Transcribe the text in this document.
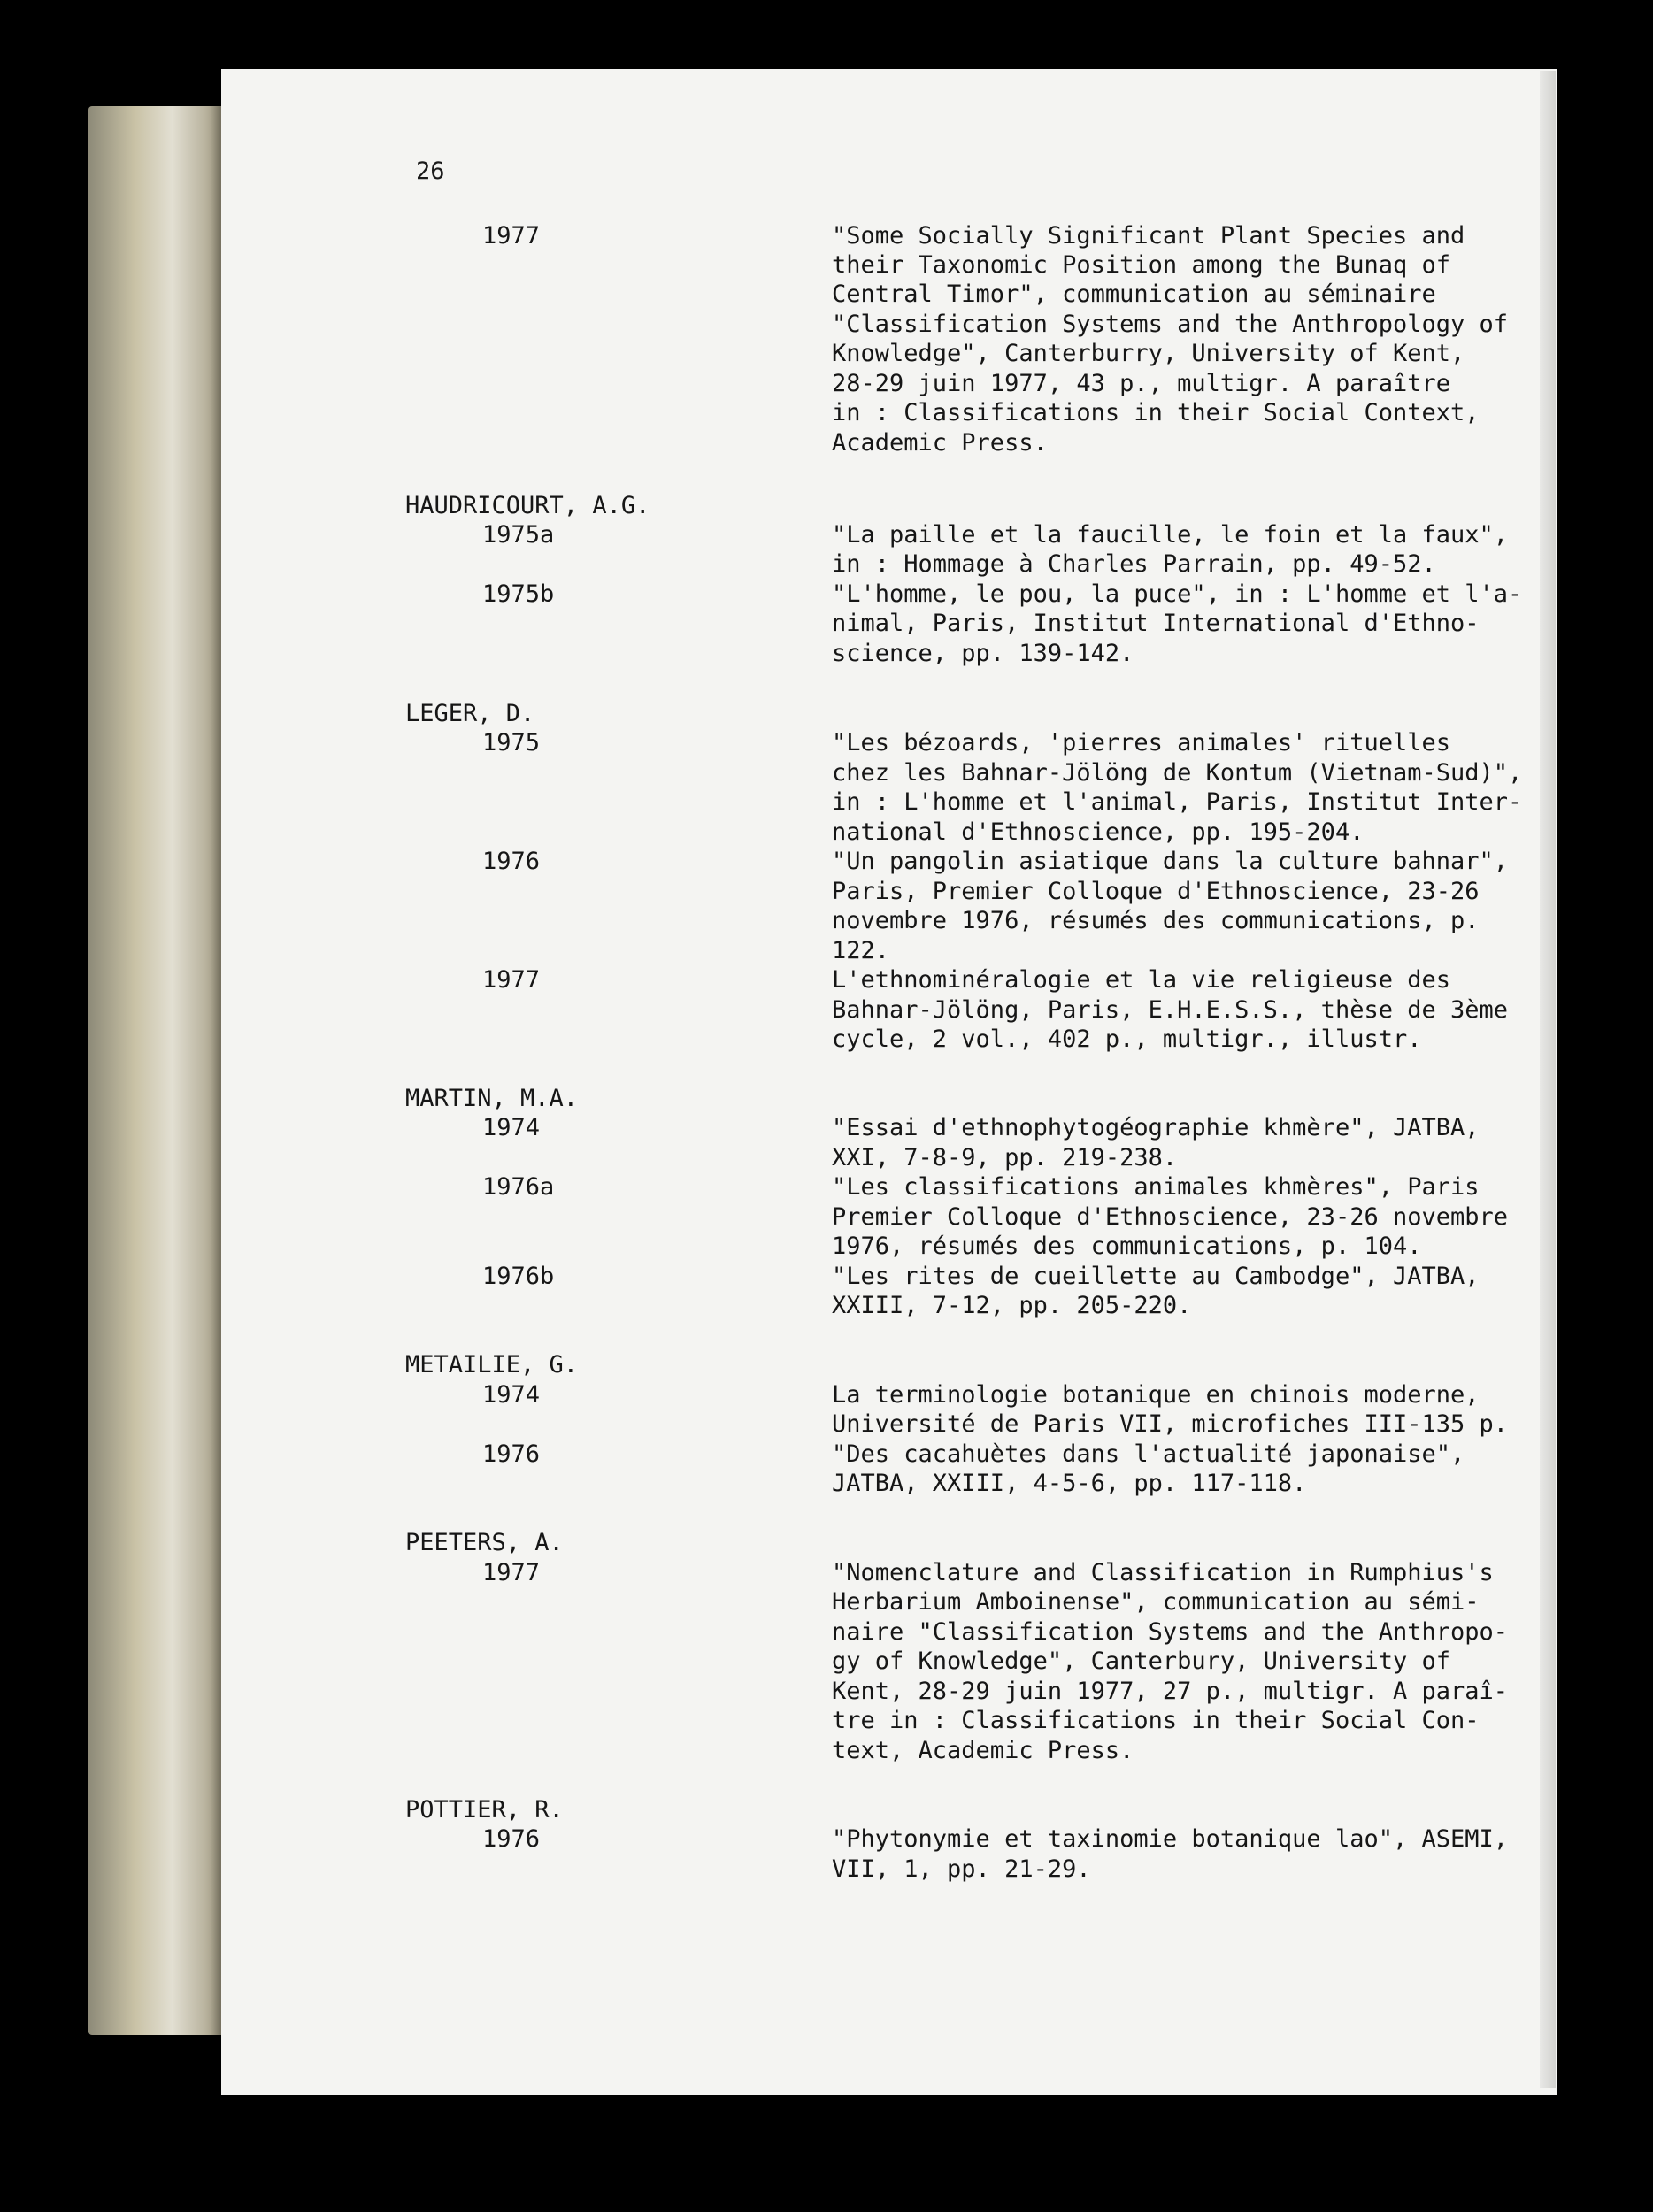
26
1977	"Some Socially Significant Plant Species and
their Taxonomic Position among the Bunaq of
Central Timor", communication au séminaire
"Classification Systems and the Anthropology of
Knowledge", Canterburry, University of Kent,
28-29 juin 1977, 43 p., multigr. A paraître
in : Classifications in their Social Context,
Academic Press.
HAUDRICOURT, A.G.
1975a	"La paille et la faucille, le foin et la faux",
in : Hommage à Charles Parrain, pp. 49-52.
1975b	"L'homme, le pou, la puce", in : L'homme et l'a-
nimal, Paris, Institut International d'Ethno-
science, pp. 139-142.
LEGER, D.
1975	"Les bézoards, 'pierres animales' rituelles
chez les Bahnar-Jölöng de Kontum (Vietnam-Sud)",
in : L'homme et l'animal, Paris, Institut Inter-
national d'Ethnoscience, pp. 195-204.
1976	"Un pangolin asiatique dans la culture bahnar",
Paris, Premier Colloque d'Ethnoscience, 23-26
novembre 1976, résumés des communications, p.
122.
1977	L'ethnominéralogie et la vie religieuse des
Bahnar-Jölöng, Paris, E.H.E.S.S., thèse de 3ème
cycle, 2 vol., 402 p., multigr., illustr.
MARTIN, M.A.
1974	"Essai d'ethnophytogéographie khmère", JATBA,
XXI, 7-8-9, pp. 219-238.
1976a	"Les classifications animales khmères", Paris
Premier Colloque d'Ethnoscience, 23-26 novembre
1976, résumés des communications, p. 104.
1976b	"Les rites de cueillette au Cambodge", JATBA,
XXIII, 7-12, pp. 205-220.
METAILIE, G.
1974	La terminologie botanique en chinois moderne,
Université de Paris VII, microfiches III-135 p.
1976	"Des cacahuètes dans l'actualité japonaise",
JATBA, XXIII, 4-5-6, pp. 117-118.
PEETERS, A.
1977	"Nomenclature and Classification in Rumphius's
Herbarium Amboinense", communication au sémi-
naire "Classification Systems and the Anthropo-
gy of Knowledge", Canterbury, University of
Kent, 28-29 juin 1977, 27 p., multigr. A paraî-
tre in : Classifications in their Social Con-
text, Academic Press.
POTTIER, R.
1976	"Phytonymie et taxinomie botanique lao", ASEMI,
VII, 1, pp. 21-29.
